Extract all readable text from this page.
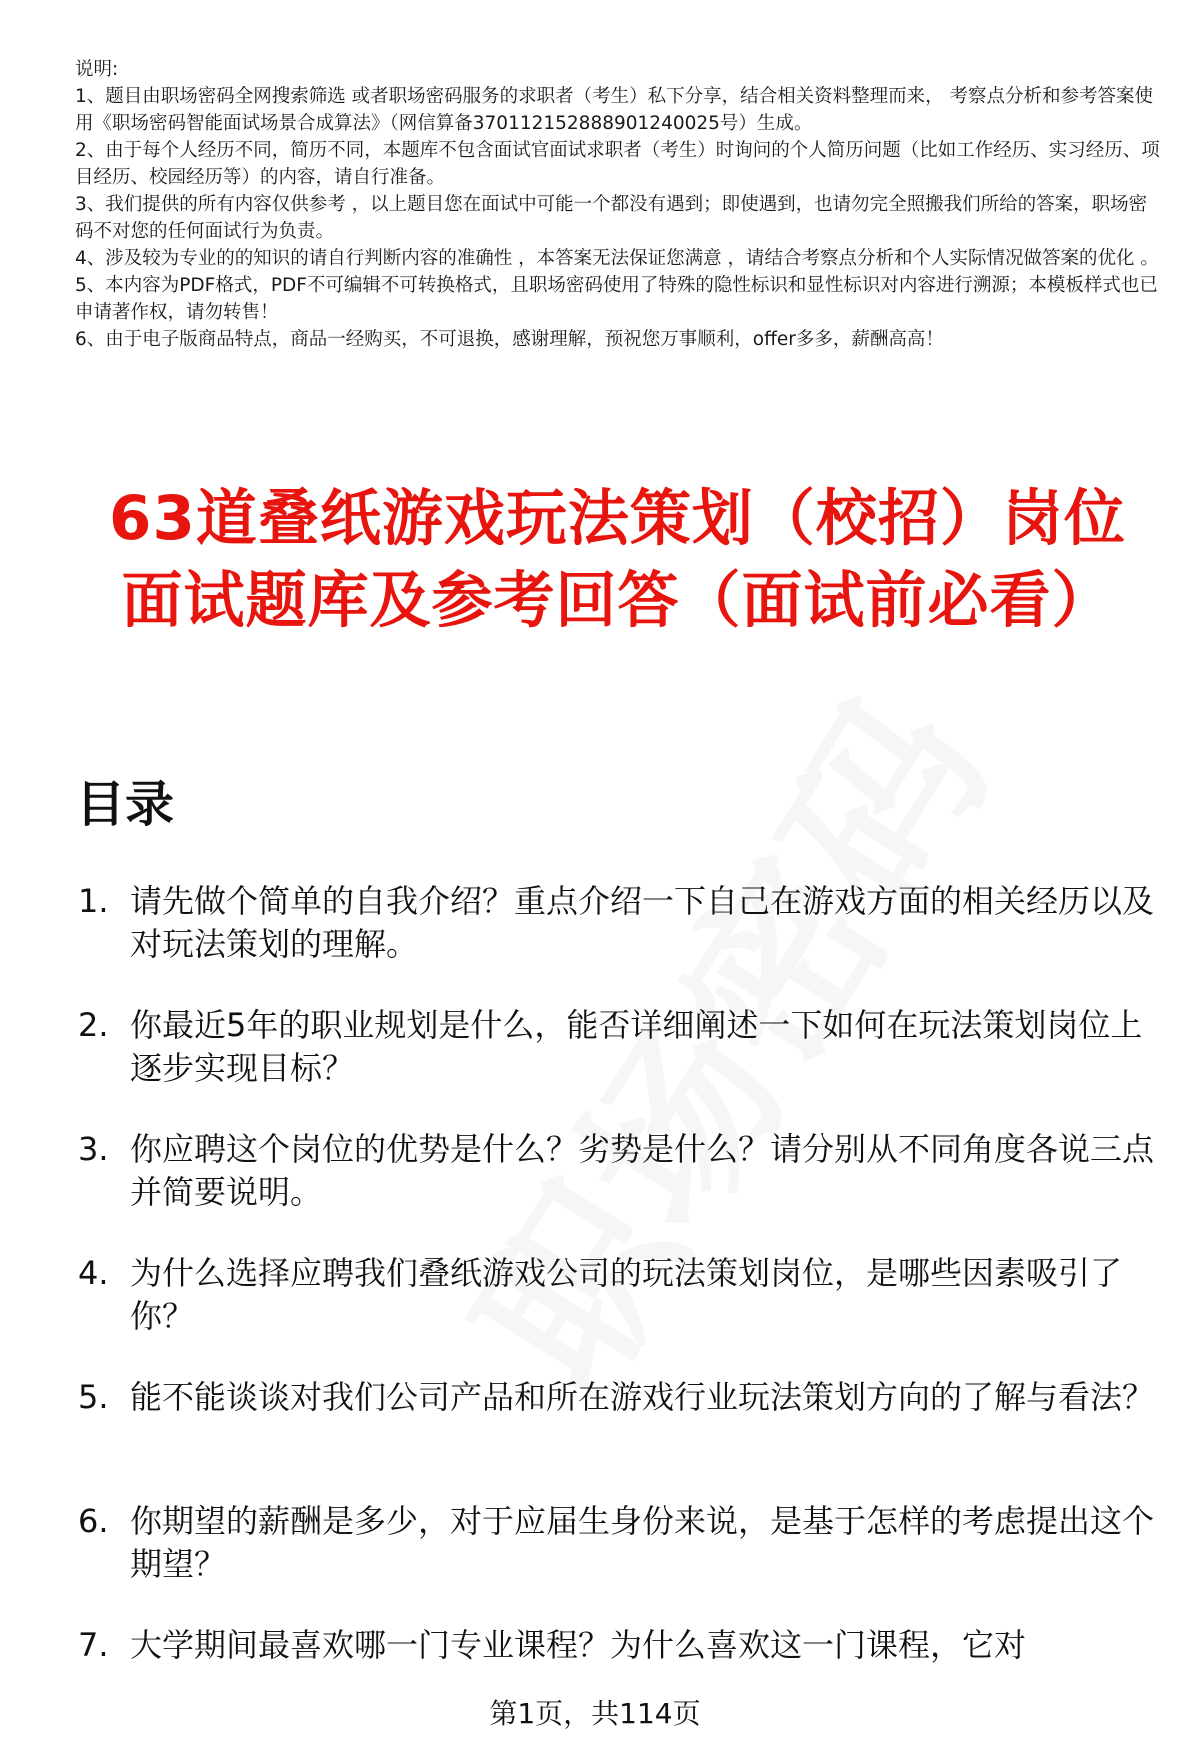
说明:

1、题目由职场密码全网搜索筛选 或者职场密码服务的求职者（考生）私下分享，结合相关资料整理而来， 考察点分析和参考答案使用《职场密码智能面试场景合成算法》（网信算备370112152888901240025号）生成。

2、由于每个人经历不同，简历不同，本题库不包含面试官面试求职者（考生）时询问的个人简历问题（比如工作经历、实习经历、项目经历、校园经历等）的内容，请自行准备。

3、我们提供的所有内容仅供参考 ，以上题目您在面试中可能一个都没有遇到；即使遇到，也请勿完全照搬我们所给的答案，职场密码不对您的任何面试行为负责。

4、涉及较为专业的的知识的请自行判断内容的准确性 ，本答案无法保证您满意 ，请结合考察点分析和个人实际情况做答案的优化 。

5、本内容为PDF格式，PDF不可编辑不可转换格式，且职场密码使用了特殊的隐性标识和显性标识对内容进行溯源；本模板样式也已申请著作权，请勿转售！

6、由于电子版商品特点，商品一经购买，不可退换，感谢理解，预祝您万事顺利，offer多多，薪酬高高！

63道叠纸游戏玩法策划（校招）岗位面试题库及参考回答（面试前必看）
目录
1. 请先做个简单的自我介绍？重点介绍一下自己在游戏方面的相关经历以及对玩法策划的理解。
2. 你最近5年的职业规划是什么，能否详细阐述一下如何在玩法策划岗位上逐步实现目标？
3. 你应聘这个岗位的优势是什么？劣势是什么？请分别从不同角度各说三点并简要说明。
4. 为什么选择应聘我们叠纸游戏公司的玩法策划岗位，是哪些因素吸引了你？
5. 能不能谈谈对我们公司产品和所在游戏行业玩法策划方向的了解与看法？
6. 你期望的薪酬是多少，对于应届生身份来说，是基于怎样的考虑提出这个期望？
7. 大学期间最喜欢哪一门专业课程？为什么喜欢这一门课程，它对
第1页，共114页
